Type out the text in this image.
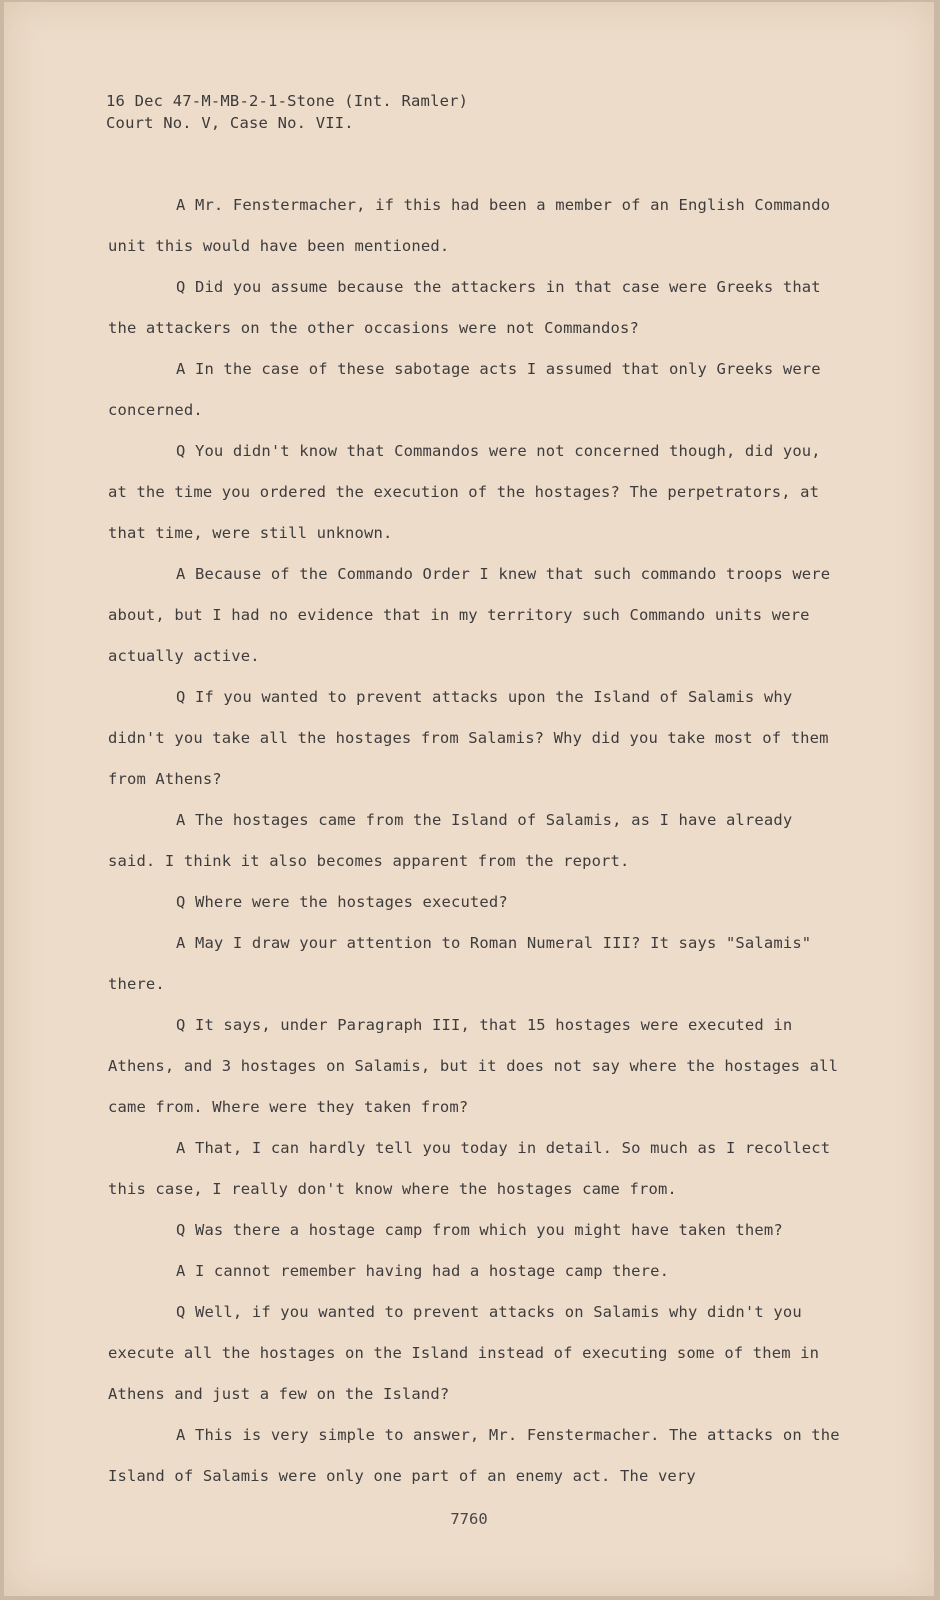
16 Dec 47-M-MB-2-1-Stone (Int. Ramler)
Court No. V, Case No. VII.

A Mr. Fenstermacher, if this had been a member of an English Commando unit this would have been mentioned.

Q Did you assume because the attackers in that case were Greeks that the attackers on the other occasions were not Commandos?

A In the case of these sabotage acts I assumed that only Greeks were concerned.

Q You didn't know that Commandos were not concerned though, did you, at the time you ordered the execution of the hostages? The perpetrators, at that time, were still unknown.

A Because of the Commando Order I knew that such commando troops were about, but I had no evidence that in my territory such Commando units were actually active.

Q If you wanted to prevent attacks upon the Island of Salamis why didn't you take all the hostages from Salamis? Why did you take most of them from Athens?

A The hostages came from the Island of Salamis, as I have already said. I think it also becomes apparent from the report.

Q Where were the hostages executed?

A May I draw your attention to Roman Numeral III? It says "Salamis" there.

Q It says, under Paragraph III, that 15 hostages were executed in Athens, and 3 hostages on Salamis, but it does not say where the hostages all came from. Where were they taken from?

A That, I can hardly tell you today in detail. So much as I recollect this case, I really don't know where the hostages came from.

Q Was there a hostage camp from which you might have taken them?

A I cannot remember having had a hostage camp there.

Q Well, if you wanted to prevent attacks on Salamis why didn't you execute all the hostages on the Island instead of executing some of them in Athens and just a few on the Island?

A This is very simple to answer, Mr. Fenstermacher. The attacks on the Island of Salamis were only one part of an enemy act. The very

7760
